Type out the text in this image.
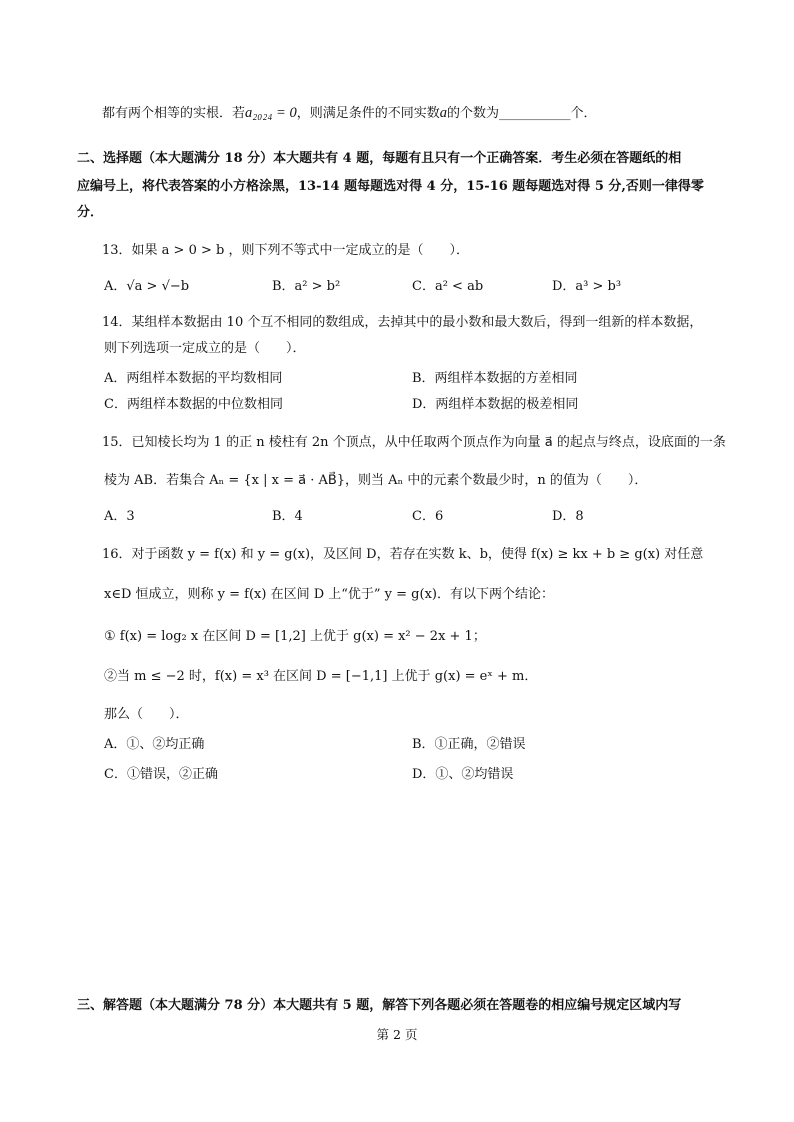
都有两个相等的实根．若a₂₀₂₄ = 0，则满足条件的不同实数a的个数为___________个．
二、选择题（本大题满分 18 分）本大题共有 4 题，每题有且只有一个正确答案．考生必须在答题纸的相
应编号上，将代表答案的小方格涂黑，13-14 题每题选对得 4 分，15-16 题每题选对得 5 分,否则一律得零
分．
13．如果 a > 0 > b ，则下列不等式中一定成立的是（　　）．
A．√a > √−b	B．a² > b²	C．a² < ab	D．a³ > b³
14．某组样本数据由 10 个互不相同的数组成，去掉其中的最小数和最大数后，得到一组新的样本数据，
则下列选项一定成立的是（　　）．
A．两组样本数据的平均数相同	B．两组样本数据的方差相同
C．两组样本数据的中位数相同	D．两组样本数据的极差相同
15．已知棱长均为 1 的正 n 棱柱有 2n 个顶点，从中任取两个顶点作为向量 a⃗ 的起点与终点，设底面的一条
棱为 AB．若集合 Aₙ = {x | x = a⃗ · AB⃗}，则当 Aₙ 中的元素个数最少时，n 的值为（　　）．
A．3	B．4	C．6	D．8
16．对于函数 y = f(x) 和 y = g(x)，及区间 D，若存在实数 k、b，使得 f(x) ≥ kx + b ≥ g(x) 对任意
x∈D 恒成立，则称 y = f(x) 在区间 D 上“优于” y = g(x)．有以下两个结论：
① f(x) = log₂ x 在区间 D = [1,2] 上优于 g(x) = x² − 2x + 1；
②当 m ≤ −2 时，f(x) = x³ 在区间 D = [−1,1] 上优于 g(x) = eˣ + m．
那么（　　）．
A．①、②均正确	B．①正确，②错误
C．①错误，②正确	D．①、②均错误
三、解答题（本大题满分 78 分）本大题共有 5 题，解答下列各题必须在答题卷的相应编号规定区域内写
第 2 页
